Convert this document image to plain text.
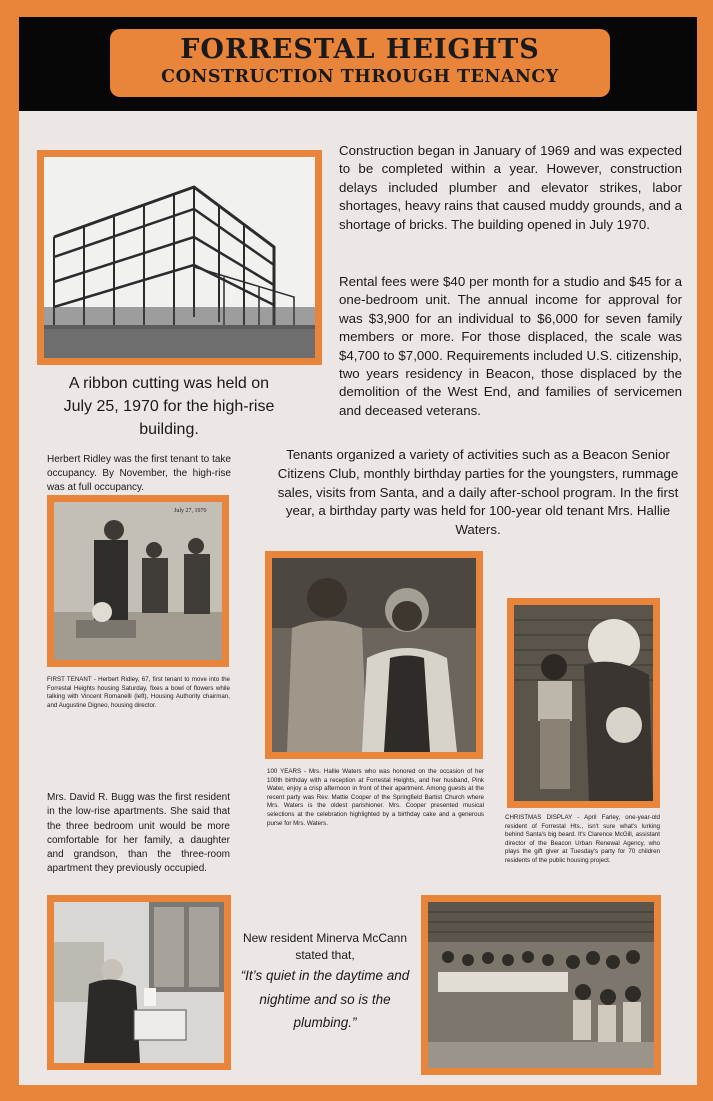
FORRESTAL HEIGHTS
CONSTRUCTION THROUGH TENANCY
Construction began in January of 1969 and was expected to be completed within a year. However, construction delays included plumber and elevator strikes, labor shortages, heavy rains that caused muddy grounds, and a shortage of bricks. The building opened in July 1970.
Rental fees were $40 per month for a studio and $45 for a one-bedroom unit. The annual income for approval for was $3,900 for an individual to $6,000 for seven family members or more. For those displaced, the scale was $4,700 to $7,000. Requirements included U.S. citizenship, two years residency in Beacon, those displaced by the demolition of the West End, and families of servicemen and deceased veterans.
A ribbon cutting was held on July 25, 1970 for the high-rise building.
Tenants organized a variety of activities such as a Beacon Senior Citizens Club, monthly birthday parties for the youngsters, rummage sales, visits from Santa, and a daily after-school program. In the first year, a birthday party was held for 100-year old tenant Mrs. Hallie Waters.
Herbert Ridley was the first tenant to take occupancy. By November, the high-rise was at full occupancy.
July 27, 1970
FIRST TENANT - Herbert Ridley, 67, first tenant to move into the Forrestal Heights housing Saturday, fixes a bowl of flowers while talking with Vincent Romanelli (left), Housing Authority chairman, and Augustine Digneo, housing director.
100 YEARS - Mrs. Hallie Waters who was honored on the occasion of her 100th birthday with a reception at Forrestal Heights, and her husband, Pink Water, enjoy a crisp afternoon in front of their apartment. Among guests at the recent party was Rev. Mattie Cooper of the Springfield Bartist Church where Mrs. Waters is the oldest parishioner. Mrs. Cooper presented musical selections at the celebration highlighted by a birthday cake and a generous purse for Mrs. Waters.
CHRISTMAS DISPLAY - April Farley, one-year-old resident of Forrestal Hts., isn't sure what's lurking behind Santa's big beard. It's Clarence McGill, assistant director of the Beacon Urban Renewal Agency, who plays the gift giver at Tuesday's party for 70 children residents of the public housing project.
Mrs. David R. Bugg was the first resident in the low-rise apartments. She said that the three bedroom unit would be more comfortable for her family, a daughter and grandson, than the three-room apartment they previously occupied.
New resident Minerva McCann stated that,
“It’s quiet in the daytime and nightime and so is the plumbing.”
